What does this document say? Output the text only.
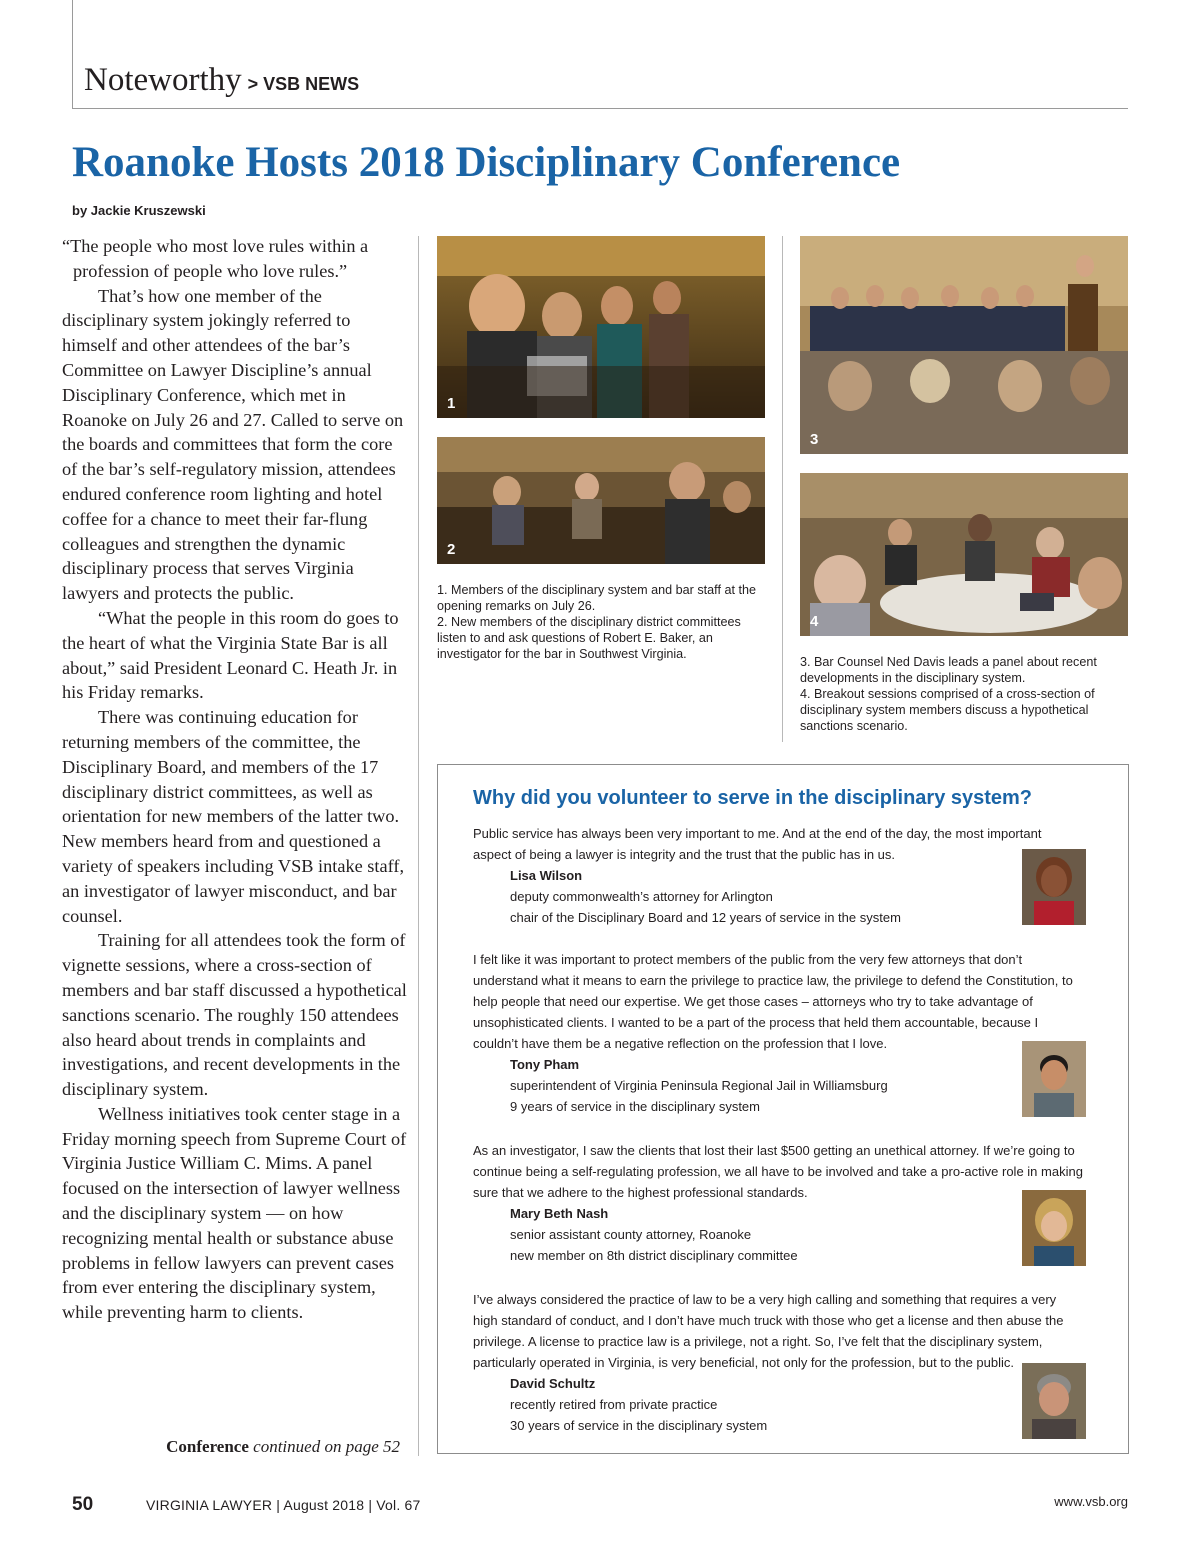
Noteworthy > VSB NEWS
Roanoke Hosts 2018 Disciplinary Conference
by Jackie Kruszewski

“The people who most love rules within a profession of people who love rules.”

That’s how one member of the disciplinary system jokingly referred to himself and other attendees of the bar’s Committee on Lawyer Discipline’s annual Disciplinary Conference, which met in Roanoke on July 26 and 27. Called to serve on the boards and committees that form the core of the bar’s self-regulatory mission, attendees endured conference room lighting and hotel coffee for a chance to meet their far-flung colleagues and strengthen the dynamic disciplinary process that serves Virginia lawyers and protects the public.

“What the people in this room do goes to the heart of what the Virginia State Bar is all about,” said President Leonard C. Heath Jr. in his Friday remarks.

There was continuing education for returning members of the committee, the Disciplinary Board, and members of the 17 disciplinary district committees, as well as orientation for new members of the latter two. New members heard from and questioned a variety of speakers including VSB intake staff, an investigator of lawyer misconduct, and bar counsel.

Training for all attendees took the form of vignette sessions, where a cross-section of members and bar staff discussed a hypothetical sanctions scenario. The roughly 150 attendees also heard about trends in complaints and investigations, and recent developments in the disciplinary system.

Wellness initiatives took center stage in a Friday morning speech from Supreme Court of Virginia Justice William C. Mims. A panel focused on the intersection of lawyer wellness and the disciplinary system — on how recognizing mental health or substance abuse problems in fellow lawyers can prevent cases from ever entering the disciplinary system, while preventing harm to clients.

Conference continued on page 52
1
2
3
4
1. Members of the disciplinary system and bar staff at the opening remarks on July 26.
2. New members of the disciplinary district committees listen to and ask questions of Robert E. Baker, an investigator for the bar in Southwest Virginia.
3. Bar Counsel Ned Davis leads a panel about recent developments in the disciplinary system.
4. Breakout sessions comprised of a cross-section of disciplinary system members discuss a hypothetical sanctions scenario.
Why did you volunteer to serve in the disciplinary system?
Public service has always been very important to me. And at the end of the day, the most important aspect of being a lawyer is integrity and the trust that the public has in us.
Lisa Wilson
deputy commonwealth’s attorney for Arlington
chair of the Disciplinary Board and 12 years of service in the system
I felt like it was important to protect members of the public from the very few attorneys that don’t understand what it means to earn the privilege to practice law, the privilege to defend the Constitution, to help people that need our expertise. We get those cases – attorneys who try to take advantage of unsophisticated clients. I wanted to be a part of the process that held them accountable, because I couldn’t have them be a negative reflection on the profession that I love.
Tony Pham
superintendent of Virginia Peninsula Regional Jail in Williamsburg
9 years of service in the disciplinary system
As an investigator, I saw the clients that lost their last $500 getting an unethical attorney. If we’re going to continue being a self-regulating profession, we all have to be involved and take a pro-active role in making sure that we adhere to the highest professional standards.
Mary Beth Nash
senior assistant county attorney, Roanoke
new member on 8th district disciplinary committee
I’ve always considered the practice of law to be a very high calling and something that requires a very high standard of conduct, and I don’t have much truck with those who get a license and then abuse the privilege. A license to practice law is a privilege, not a right. So, I’ve felt that the disciplinary system, particularly operated in Virginia, is very beneficial, not only for the profession, but to the public.
David Schultz
recently retired from private practice
30 years of service in the disciplinary system
50	VIRGINIA LAWYER | August 2018 | Vol. 67	www.vsb.org
